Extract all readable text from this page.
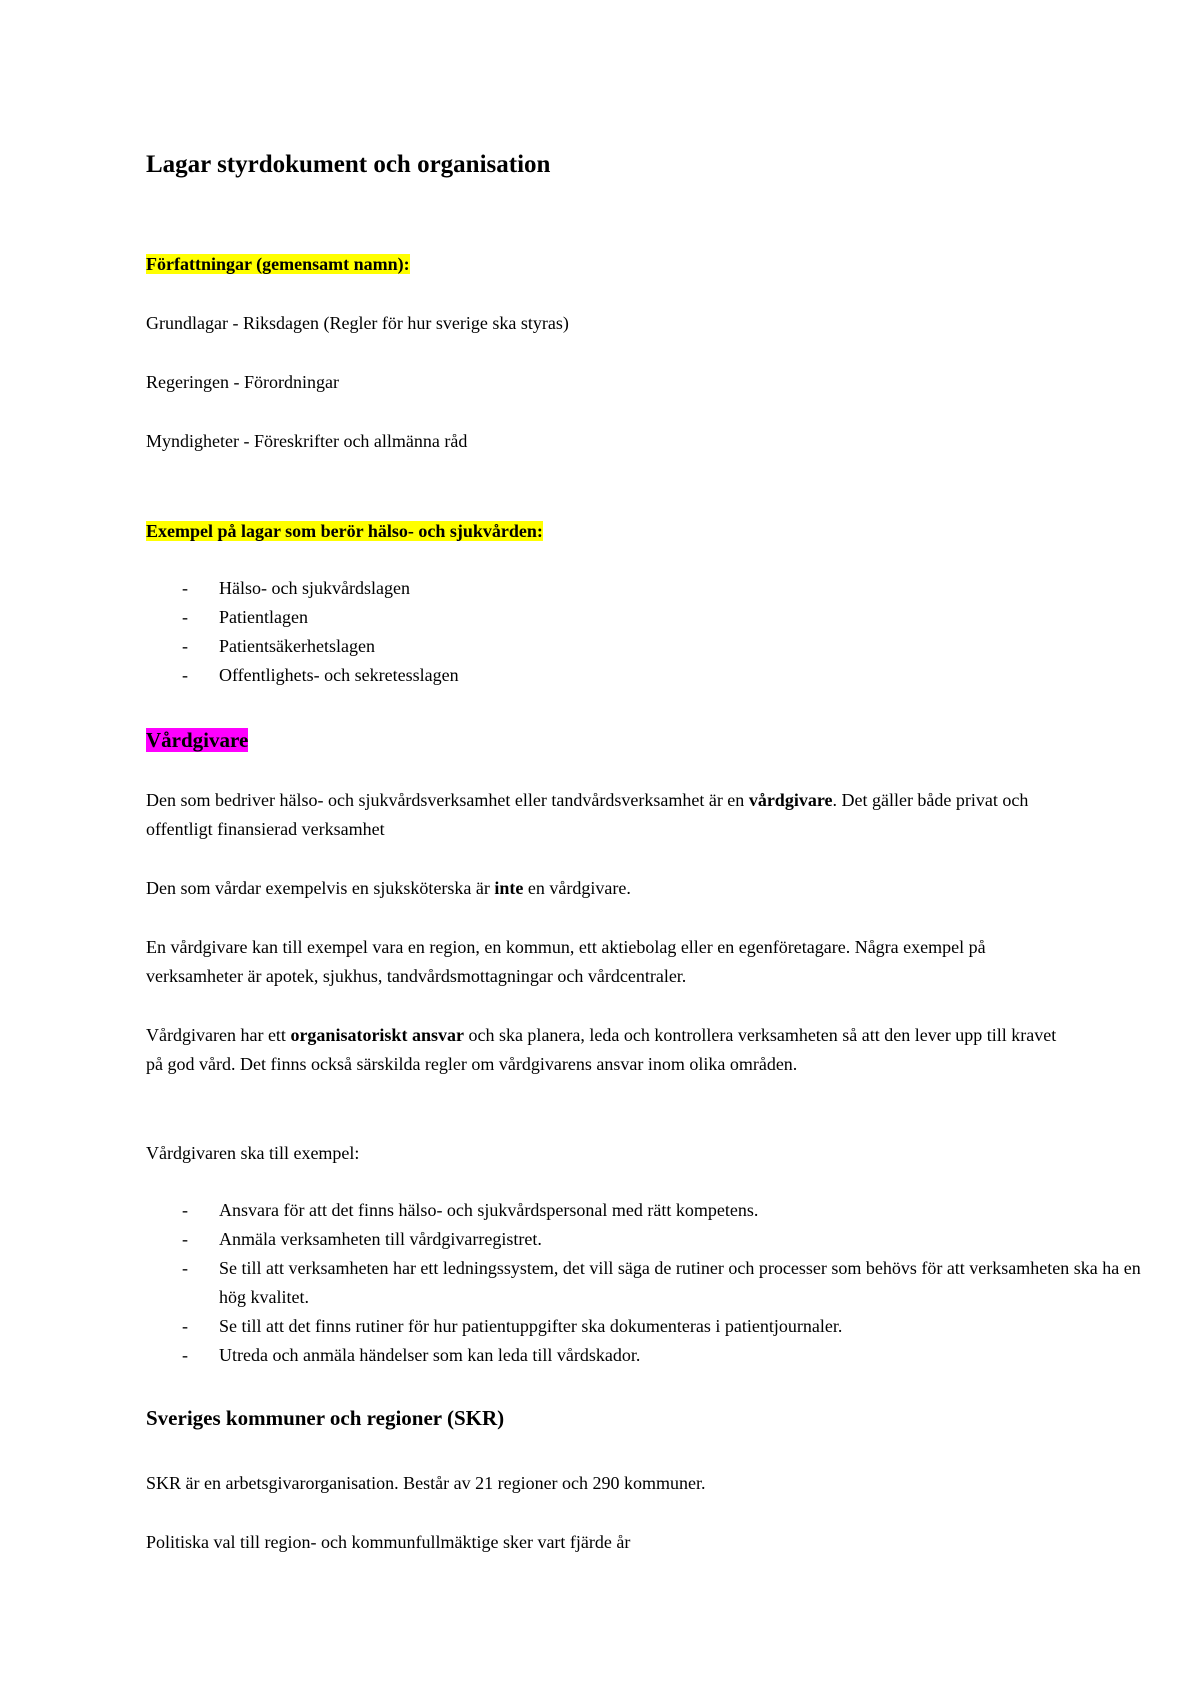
Lagar styrdokument och organisation

Författningar (gemensamt namn):

Grundlagar - Riksdagen (Regler för hur sverige ska styras)

Regeringen - Förordningar

Myndigheter - Föreskrifter och allmänna råd

Exempel på lagar som berör hälso- och sjukvården:

- Hälso- och sjukvårdslagen
- Patientlagen
- Patientsäkerhetslagen
- Offentlighets- och sekretesslagen
Vårdgivare

Den som bedriver hälso- och sjukvårdsverksamhet eller tandvårdsverksamhet är en vårdgivare. Det gäller både privat och offentligt finansierad verksamhet

Den som vårdar exempelvis en sjuksköterska är inte en vårdgivare.

En vårdgivare kan till exempel vara en region, en kommun, ett aktiebolag eller en egenföretagare. Några exempel på verksamheter är apotek, sjukhus, tandvårdsmottagningar och vårdcentraler.

Vårdgivaren har ett organisatoriskt ansvar och ska planera, leda och kontrollera verksamheten så att den lever upp till kravet på god vård. Det finns också särskilda regler om vårdgivarens ansvar inom olika områden.

Vårdgivaren ska till exempel:

- Ansvara för att det finns hälso- och sjukvårdspersonal med rätt kompetens.
- Anmäla verksamheten till vårdgivarregistret.
- Se till att verksamheten har ett ledningssystem, det vill säga de rutiner och processer som behövs för att verksamheten ska ha en hög kvalitet.
- Se till att det finns rutiner för hur patientuppgifter ska dokumenteras i patientjournaler.
- Utreda och anmäla händelser som kan leda till vårdskador.
Sveriges kommuner och regioner (SKR)

SKR är en arbetsgivarorganisation. Består av 21 regioner och 290 kommuner.

Politiska val till region- och kommunfullmäktige sker vart fjärde år
